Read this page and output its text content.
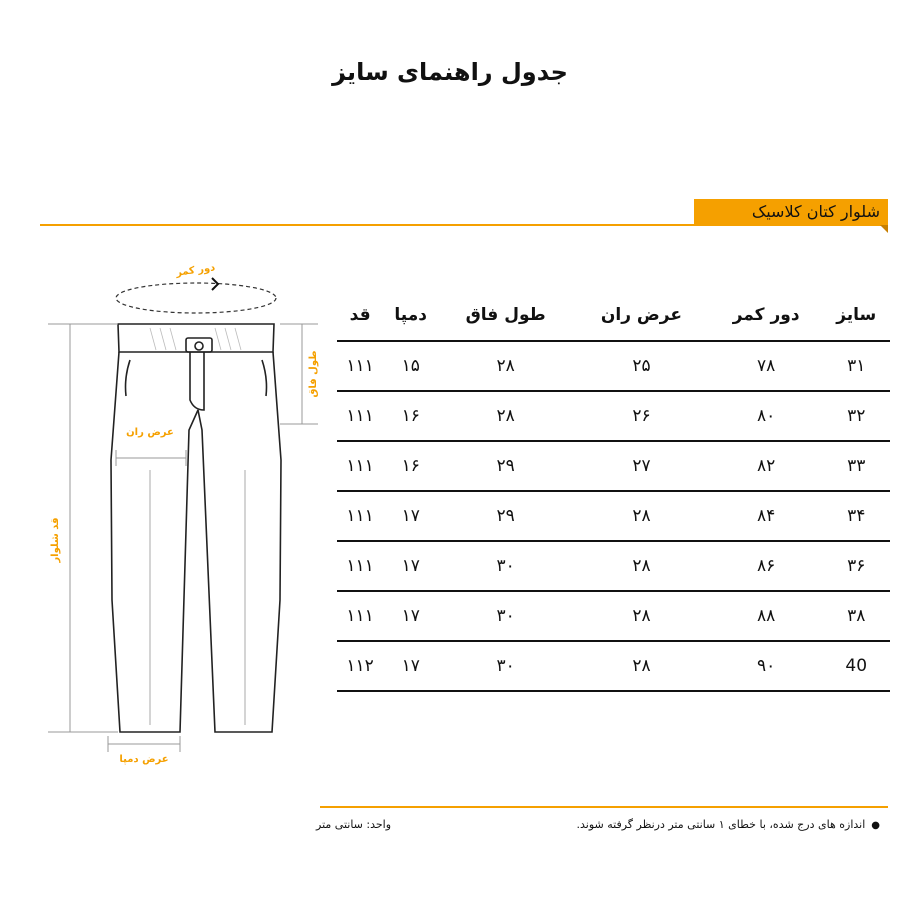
جدول راهنمای سایز
شلوار کتان کلاسیک
دور کمر
قد شلوار
طول فاق
عرض ران
عرض دمپا
سایز	دور کمر	عرض ران	طول فاق	دمپا	قد
۳۱	۷۸	۲۵	۲۸	۱۵	۱۱۱
۳۲	۸۰	۲۶	۲۸	۱۶	۱۱۱
۳۳	۸۲	۲۷	۲۹	۱۶	۱۱۱
۳۴	۸۴	۲۸	۲۹	۱۷	۱۱۱
۳۶	۸۶	۲۸	۳۰	۱۷	۱۱۱
۳۸	۸۸	۲۸	۳۰	۱۷	۱۱۱
40	۹۰	۲۸	۳۰	۱۷	۱۱۲
●اندازه های درج شده، با خطای ۱ سانتی متر درنظر گرفته شوند.
واحد: سانتی متر
